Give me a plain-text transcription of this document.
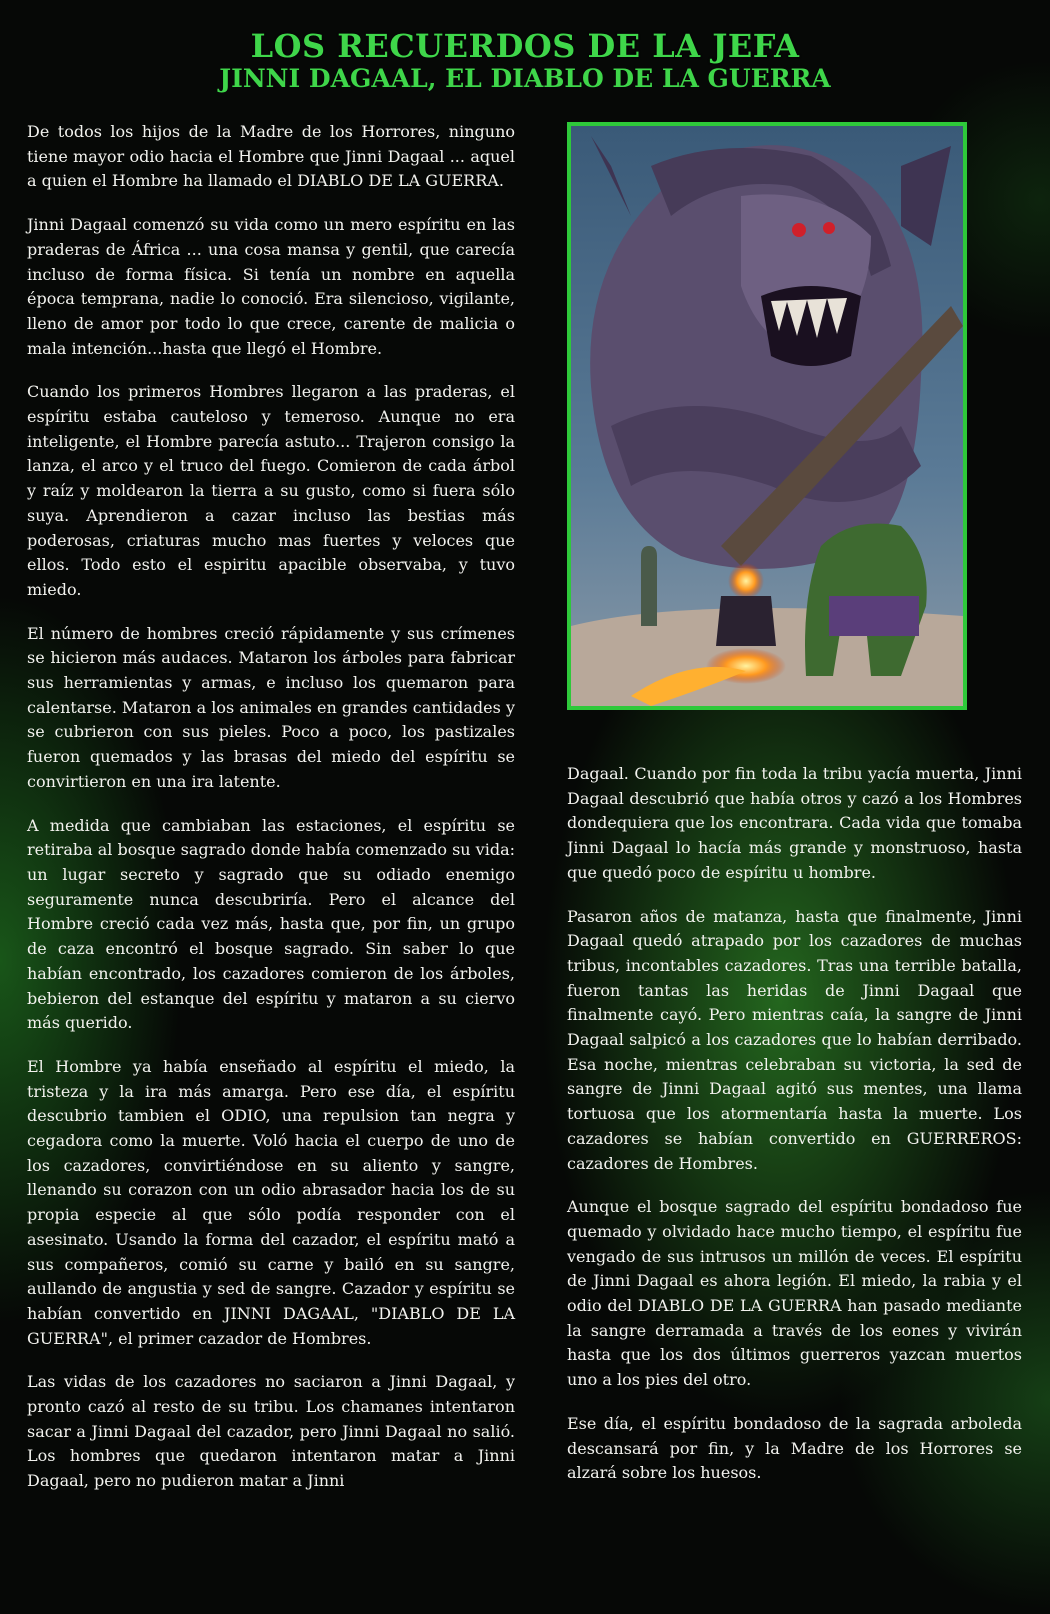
LOS RECUERDOS DE LA JEFA
JINNI DAGAAL, EL DIABLO DE LA GUERRA

De todos los hijos de la Madre de los Horrores, ninguno tiene mayor odio hacia el Hombre que Jinni Dagaal ... aquel a quien el Hombre ha llamado el DIABLO DE LA GUERRA.

Jinni Dagaal comenzó su vida como un mero espíritu en las praderas de África ... una cosa mansa y gentil, que carecía incluso de forma física. Si tenía un nombre en aquella época temprana, nadie lo conoció. Era silencioso, vigilante, lleno de amor por todo lo que crece, carente de malicia o mala intención...hasta que llegó el Hombre.

Cuando los primeros Hombres llegaron a las praderas, el espíritu estaba cauteloso y temeroso. Aunque no era inteligente, el Hombre parecía astuto... Trajeron consigo la lanza, el arco y el truco del fuego. Comieron de cada árbol y raíz y moldearon la tierra a su gusto, como si fuera sólo suya. Aprendieron a cazar incluso las bestias más poderosas, criaturas mucho mas fuertes y veloces que ellos. Todo esto el espiritu apacible observaba, y tuvo miedo.

El número de hombres creció rápidamente y sus crímenes se hicieron más audaces. Mataron los árboles para fabricar sus herramientas y armas, e incluso los quemaron para calentarse. Mataron a los animales en grandes cantidades y se cubrieron con sus pieles. Poco a poco, los pastizales fueron quemados y las brasas del miedo del espíritu se convirtieron en una ira latente.

A medida que cambiaban las estaciones, el espíritu se retiraba al bosque sagrado donde había comenzado su vida: un lugar secreto y sagrado que su odiado enemigo seguramente nunca descubriría. Pero el alcance del Hombre creció cada vez más, hasta que, por fin, un grupo de caza encontró el bosque sagrado. Sin saber lo que habían encontrado, los cazadores comieron de los árboles, bebieron del estanque del espíritu y mataron a su ciervo más querido.

El Hombre ya había enseñado al espíritu el miedo, la tristeza y la ira más amarga. Pero ese día, el espíritu descubrio tambien el ODIO, una repulsion tan negra y cegadora como la muerte. Voló hacia el cuerpo de uno de los cazadores, convirtiéndose en su aliento y sangre, llenando su corazon con un odio abrasador hacia los de su propia especie al que sólo podía responder con el asesinato. Usando la forma del cazador, el espíritu mató a sus compañeros, comió su carne y bailó en su sangre, aullando de angustia y sed de sangre. Cazador y espíritu se habían convertido en JINNI DAGAAL, "DIABLO DE LA GUERRA", el primer cazador de Hombres.

Las vidas de los cazadores no saciaron a Jinni Dagaal, y pronto cazó al resto de su tribu. Los chamanes intentaron sacar a Jinni Dagaal del cazador, pero Jinni Dagaal no salió. Los hombres que quedaron intentaron matar a Jinni Dagaal, pero no pudieron matar a Jinni

Dagaal. Cuando por fin toda la tribu yacía muerta, Jinni Dagaal descubrió que había otros y cazó a los Hombres dondequiera que los encontrara. Cada vida que tomaba Jinni Dagaal lo hacía más grande y monstruoso, hasta que quedó poco de espíritu u hombre.

Pasaron años de matanza, hasta que finalmente, Jinni Dagaal quedó atrapado por los cazadores de muchas tribus, incontables cazadores. Tras una terrible batalla, fueron tantas las heridas de Jinni Dagaal que finalmente cayó. Pero mientras caía, la sangre de Jinni Dagaal salpicó a los cazadores que lo habían derribado. Esa noche, mientras celebraban su victoria, la sed de sangre de Jinni Dagaal agitó sus mentes, una llama tortuosa que los atormentaría hasta la muerte. Los cazadores se habían convertido en GUERREROS: cazadores de Hombres.

Aunque el bosque sagrado del espíritu bondadoso fue quemado y olvidado hace mucho tiempo, el espíritu fue vengado de sus intrusos un millón de veces. El espíritu de Jinni Dagaal es ahora legión. El miedo, la rabia y el odio del DIABLO DE LA GUERRA han pasado mediante la sangre derramada a través de los eones y vivirán hasta que los dos últimos guerreros yazcan muertos uno a los pies del otro.

Ese día, el espíritu bondadoso de la sagrada arboleda descansará por fin, y la Madre de los Horrores se alzará sobre los huesos.
